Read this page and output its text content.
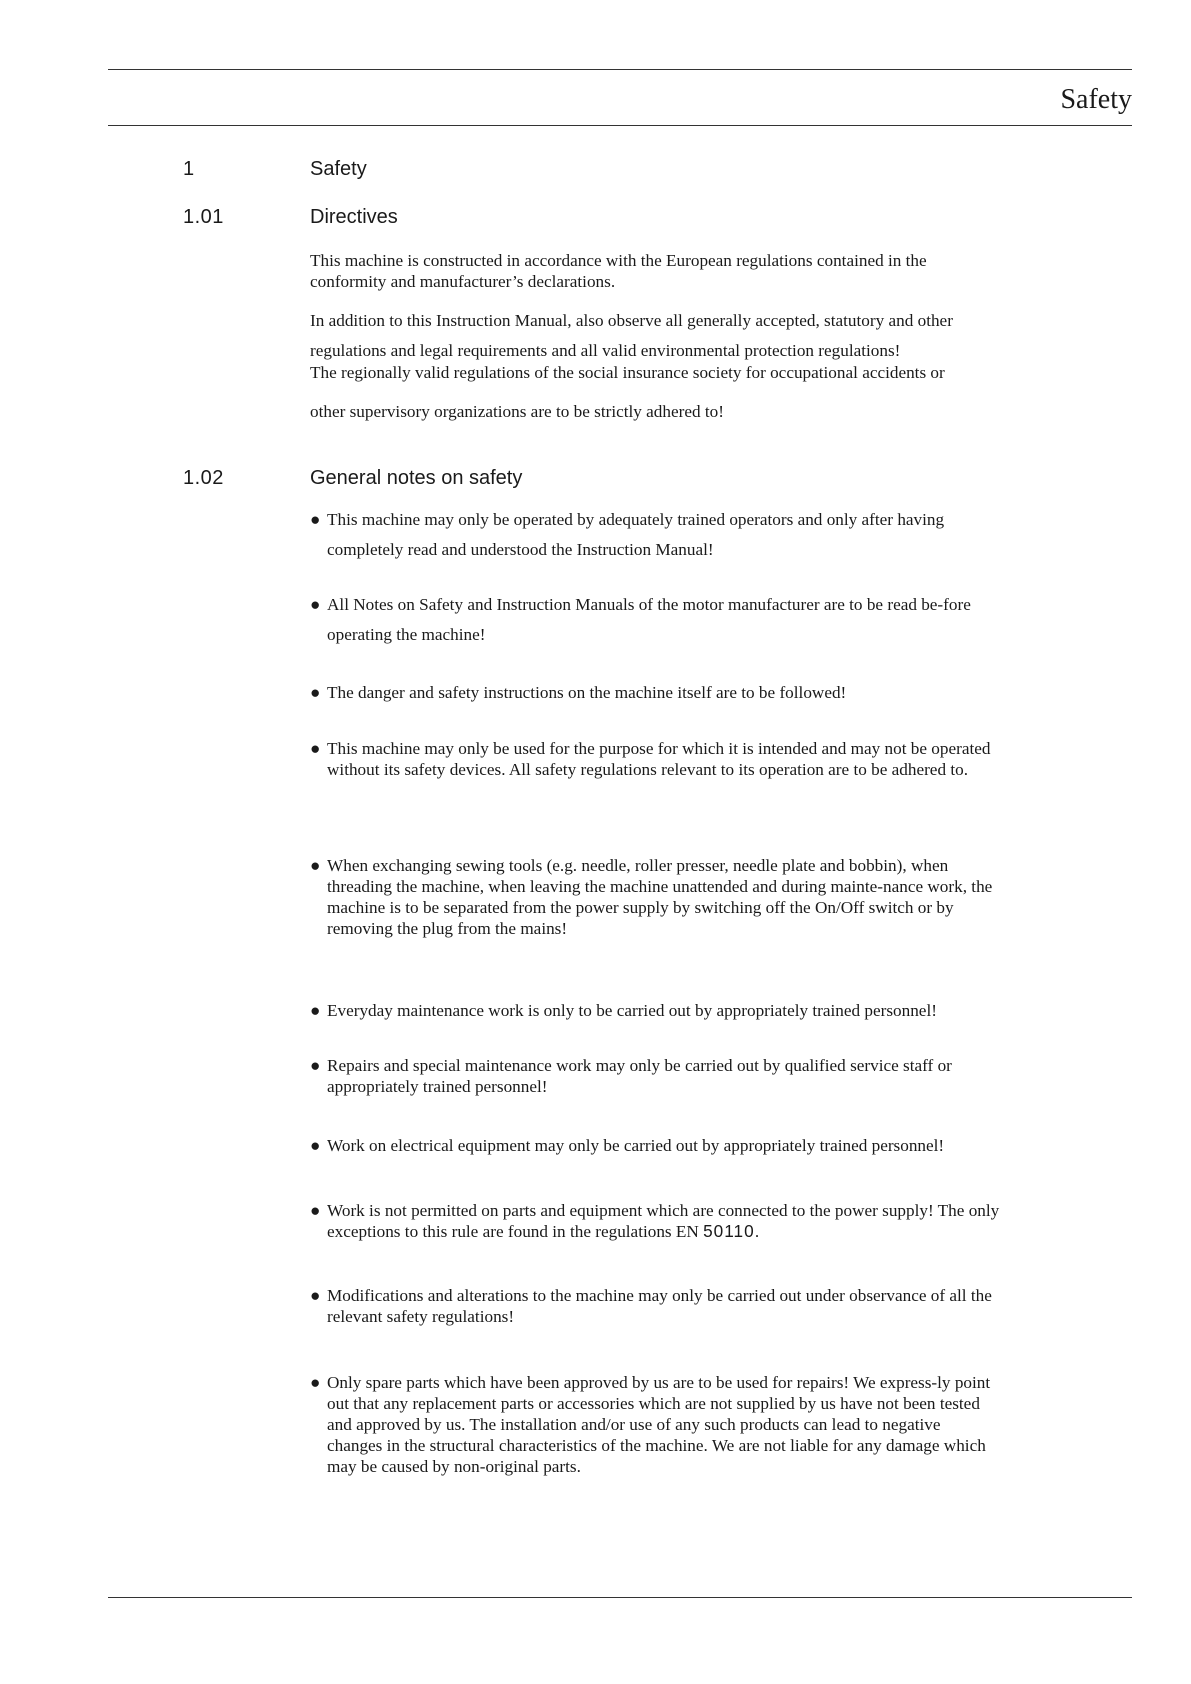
Safety
1	Safety
1.01	Directives
This machine is constructed in accordance with the European regulations contained in the conformity and manufacturer’s declarations.
In addition to this Instruction Manual, also observe all generally accepted, statutory and other regulations and legal requirements and all valid environmental protection regulations!
The regionally valid regulations of the social insurance society for occupational accidents or
other supervisory organizations are to be strictly adhered to!
1.02	General notes on safety
● This machine may only be operated by adequately trained operators and only after having completely read and understood the Instruction Manual!
● All Notes on Safety and Instruction Manuals of the motor manufacturer are to be read be-fore operating the machine!
● The danger and safety instructions on the machine itself are to be followed!
● This machine may only be used for the purpose for which it is intended and may not be operated without its safety devices. All safety regulations relevant to its operation are to be adhered to.
● When exchanging sewing tools (e.g. needle, roller presser, needle plate and bobbin), when threading the machine, when leaving the machine unattended and during mainte-nance work, the machine is to be separated from the power supply by switching off the On/Off switch or by removing the plug from the mains!
● Everyday maintenance work is only to be carried out by appropriately trained personnel!
● Repairs and special maintenance work may only be carried out by qualified service staff or appropriately trained personnel!
● Work on electrical equipment may only be carried out by appropriately trained personnel!
● Work is not permitted on parts and equipment which are connected to the power supply! The only exceptions to this rule are found in the regulations EN 50110.
● Modifications and alterations to the machine may only be carried out under observance of all the relevant safety regulations!
● Only spare parts which have been approved by us are to be used for repairs! We express-ly point out that any replacement parts or accessories which are not supplied by us have not been tested and approved by us. The installation and/or use of any such products can lead to negative changes in the structural characteristics of the machine. We are not liable for any damage which may be caused by non-original parts.
